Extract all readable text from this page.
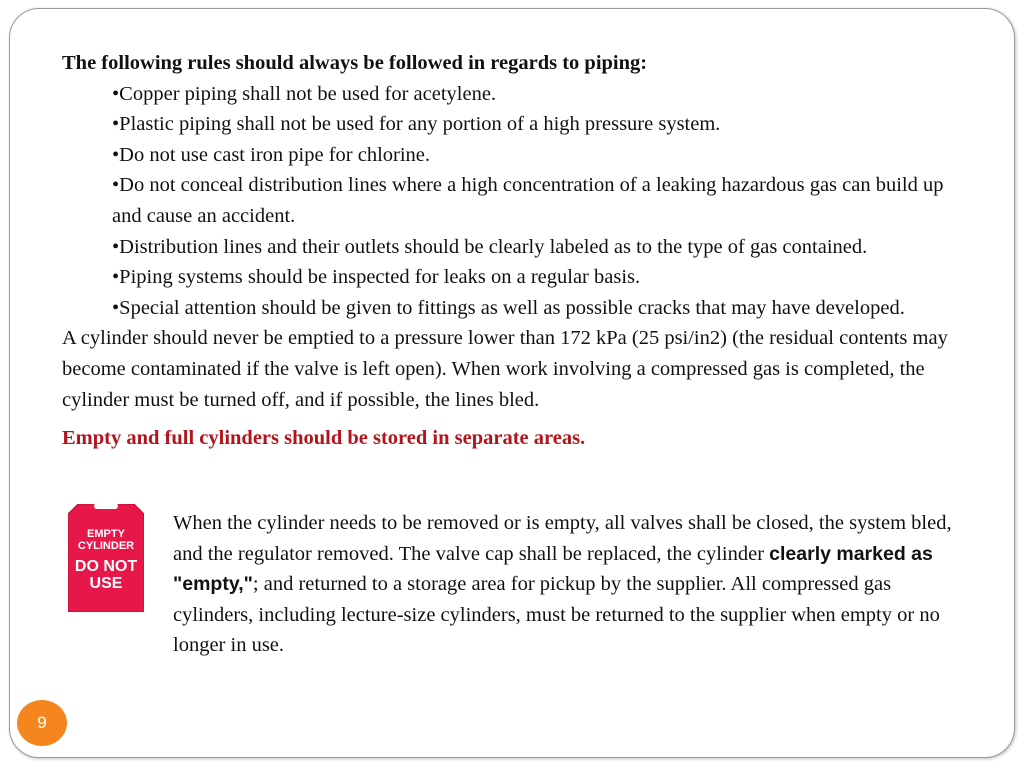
The following rules should always be followed in regards to piping:

•Copper piping shall not be used for acetylene.
•Plastic piping shall not be used for any portion of a high pressure system.
•Do not use cast iron pipe for chlorine.
•Do not conceal distribution lines where a high concentration of a leaking hazardous gas can build up and cause an accident.
•Distribution lines and their outlets should be clearly labeled as to the type of gas contained.
•Piping systems should be inspected for leaks on a regular basis.
•Special attention should be given to fittings as well as possible cracks that may have developed.

A cylinder should never be emptied to a pressure lower than 172 kPa (25 psi/in2) (the residual contents may become contaminated if the valve is left open). When work involving a compressed gas is completed, the cylinder must be turned off, and if possible, the lines bled.

Empty and full cylinders should be stored in separate areas.

EMPTY
CYLINDER
DO NOT
USE
When the cylinder needs to be removed or is empty, all valves shall be closed, the system bled, and the regulator removed. The valve cap shall be replaced, the cylinder clearly marked as "empty,"; and returned to a storage area for pickup by the supplier. All compressed gas cylinders, including lecture-size cylinders, must be returned to the supplier when empty or no longer in use.
9
